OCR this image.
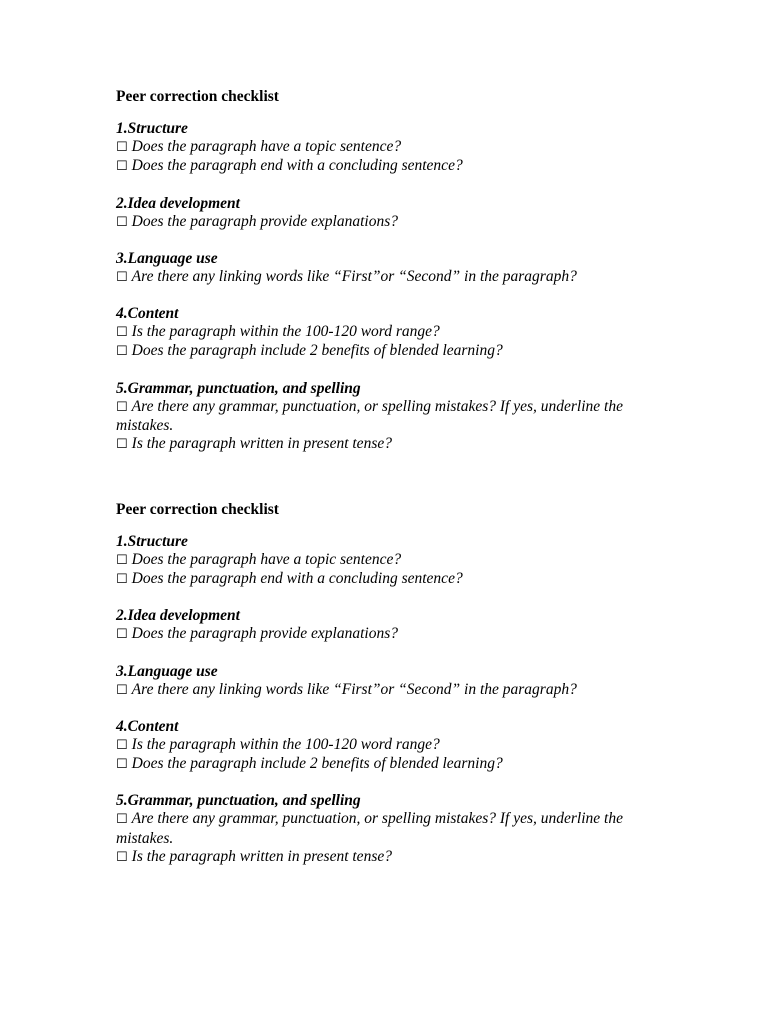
Peer correction checklist

1.Structure

☐ Does the paragraph have a topic sentence?

☐ Does the paragraph end with a concluding sentence?

2.Idea development

☐ Does the paragraph provide explanations?

3.Language use

☐ Are there any linking words like “First”or “Second” in the paragraph?

4.Content

☐ Is the paragraph within the 100-120 word range?

☐ Does the paragraph include 2 benefits of blended learning?

5.Grammar, punctuation, and spelling

☐ Are there any grammar, punctuation, or spelling mistakes? If yes, underline the mistakes.

☐ Is the paragraph written in present tense?

Peer correction checklist

1.Structure

☐ Does the paragraph have a topic sentence?

☐ Does the paragraph end with a concluding sentence?

2.Idea development

☐ Does the paragraph provide explanations?

3.Language use

☐ Are there any linking words like “First”or “Second” in the paragraph?

4.Content

☐ Is the paragraph within the 100-120 word range?

☐ Does the paragraph include 2 benefits of blended learning?

5.Grammar, punctuation, and spelling

☐ Are there any grammar, punctuation, or spelling mistakes? If yes, underline the mistakes.

☐ Is the paragraph written in present tense?
